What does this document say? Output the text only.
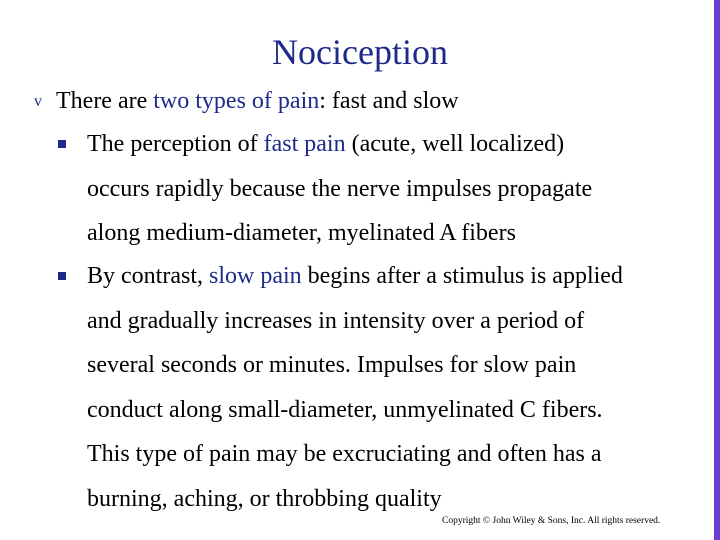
Nociception
v There are two types of pain: fast and slow
The perception of fast pain (acute, well localized)
occurs rapidly because the nerve impulses propagate
along medium-diameter, myelinated A fibers
By contrast, slow pain begins after a stimulus is applied
and gradually increases in intensity over a period of
several seconds or minutes. Impulses for slow pain
conduct along small-diameter, unmyelinated C fibers.
This type of pain may be excruciating and often has a
burning, aching, or throbbing quality
Copyright © John Wiley & Sons, Inc. All rights reserved.
